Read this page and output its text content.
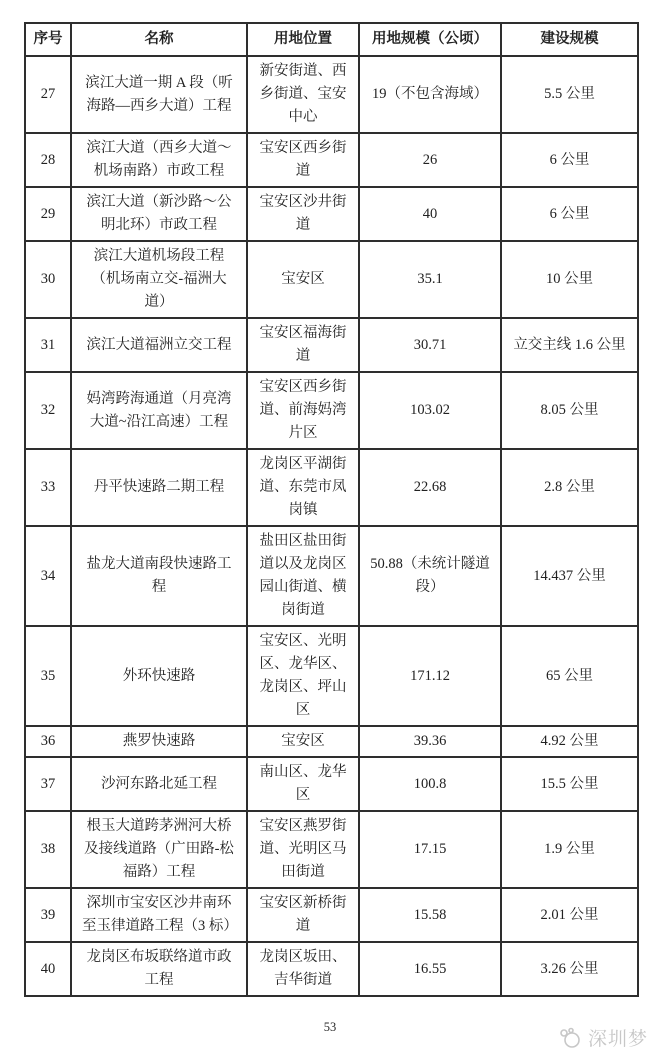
序号	名称	用地位置	用地规模（公顷）	建设规模
27	滨江大道一期 A 段（听海路—西乡大道）工程	新安街道、西乡街道、宝安中心	19（不包含海域）	5.5 公里
28	滨江大道（西乡大道～机场南路）市政工程	宝安区西乡街道	26	6 公里
29	滨江大道（新沙路～公明北环）市政工程	宝安区沙井街道	40	6 公里
30	滨江大道机场段工程（机场南立交-福洲大道）	宝安区	35.1	10 公里
31	滨江大道福洲立交工程	宝安区福海街道	30.71	立交主线 1.6 公里
32	妈湾跨海通道（月亮湾大道~沿江高速）工程	宝安区西乡街道、前海妈湾片区	103.02	8.05 公里
33	丹平快速路二期工程	龙岗区平湖街道、东莞市凤岗镇	22.68	2.8 公里
34	盐龙大道南段快速路工程	盐田区盐田街道以及龙岗区园山街道、横岗街道	50.88（未统计隧道段）	14.437 公里
35	外环快速路	宝安区、光明区、龙华区、龙岗区、坪山区	171.12	65 公里
36	燕罗快速路	宝安区	39.36	4.92 公里
37	沙河东路北延工程	南山区、龙华区	100.8	15.5 公里
38	根玉大道跨茅洲河大桥及接线道路（广田路-松福路）工程	宝安区燕罗街道、光明区马田街道	17.15	1.9 公里
39	深圳市宝安区沙井南环至玉律道路工程（3 标）	宝安区新桥街道	15.58	2.01 公里
40	龙岗区布坂联络道市政工程	龙岗区坂田、吉华街道	16.55	3.26 公里
53
深圳梦
